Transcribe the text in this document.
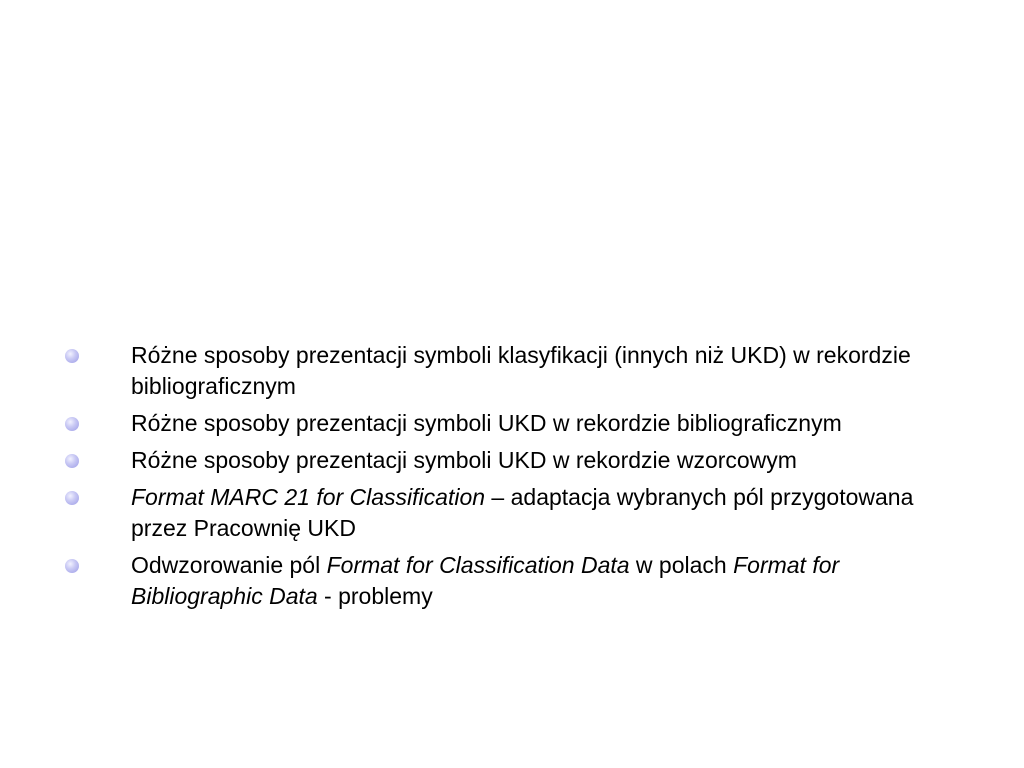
Różne sposoby prezentacji symboli klasyfikacji (innych niż UKD) w rekordzie bibliograficznym
Różne sposoby prezentacji symboli UKD w rekordzie bibliograficznym
Różne sposoby prezentacji symboli UKD w rekordzie wzorcowym
Format MARC 21 for Classification – adaptacja wybranych pól przygotowana przez Pracownię UKD
Odwzorowanie pól Format for Classification Data w polach Format for Bibliographic Data - problemy
